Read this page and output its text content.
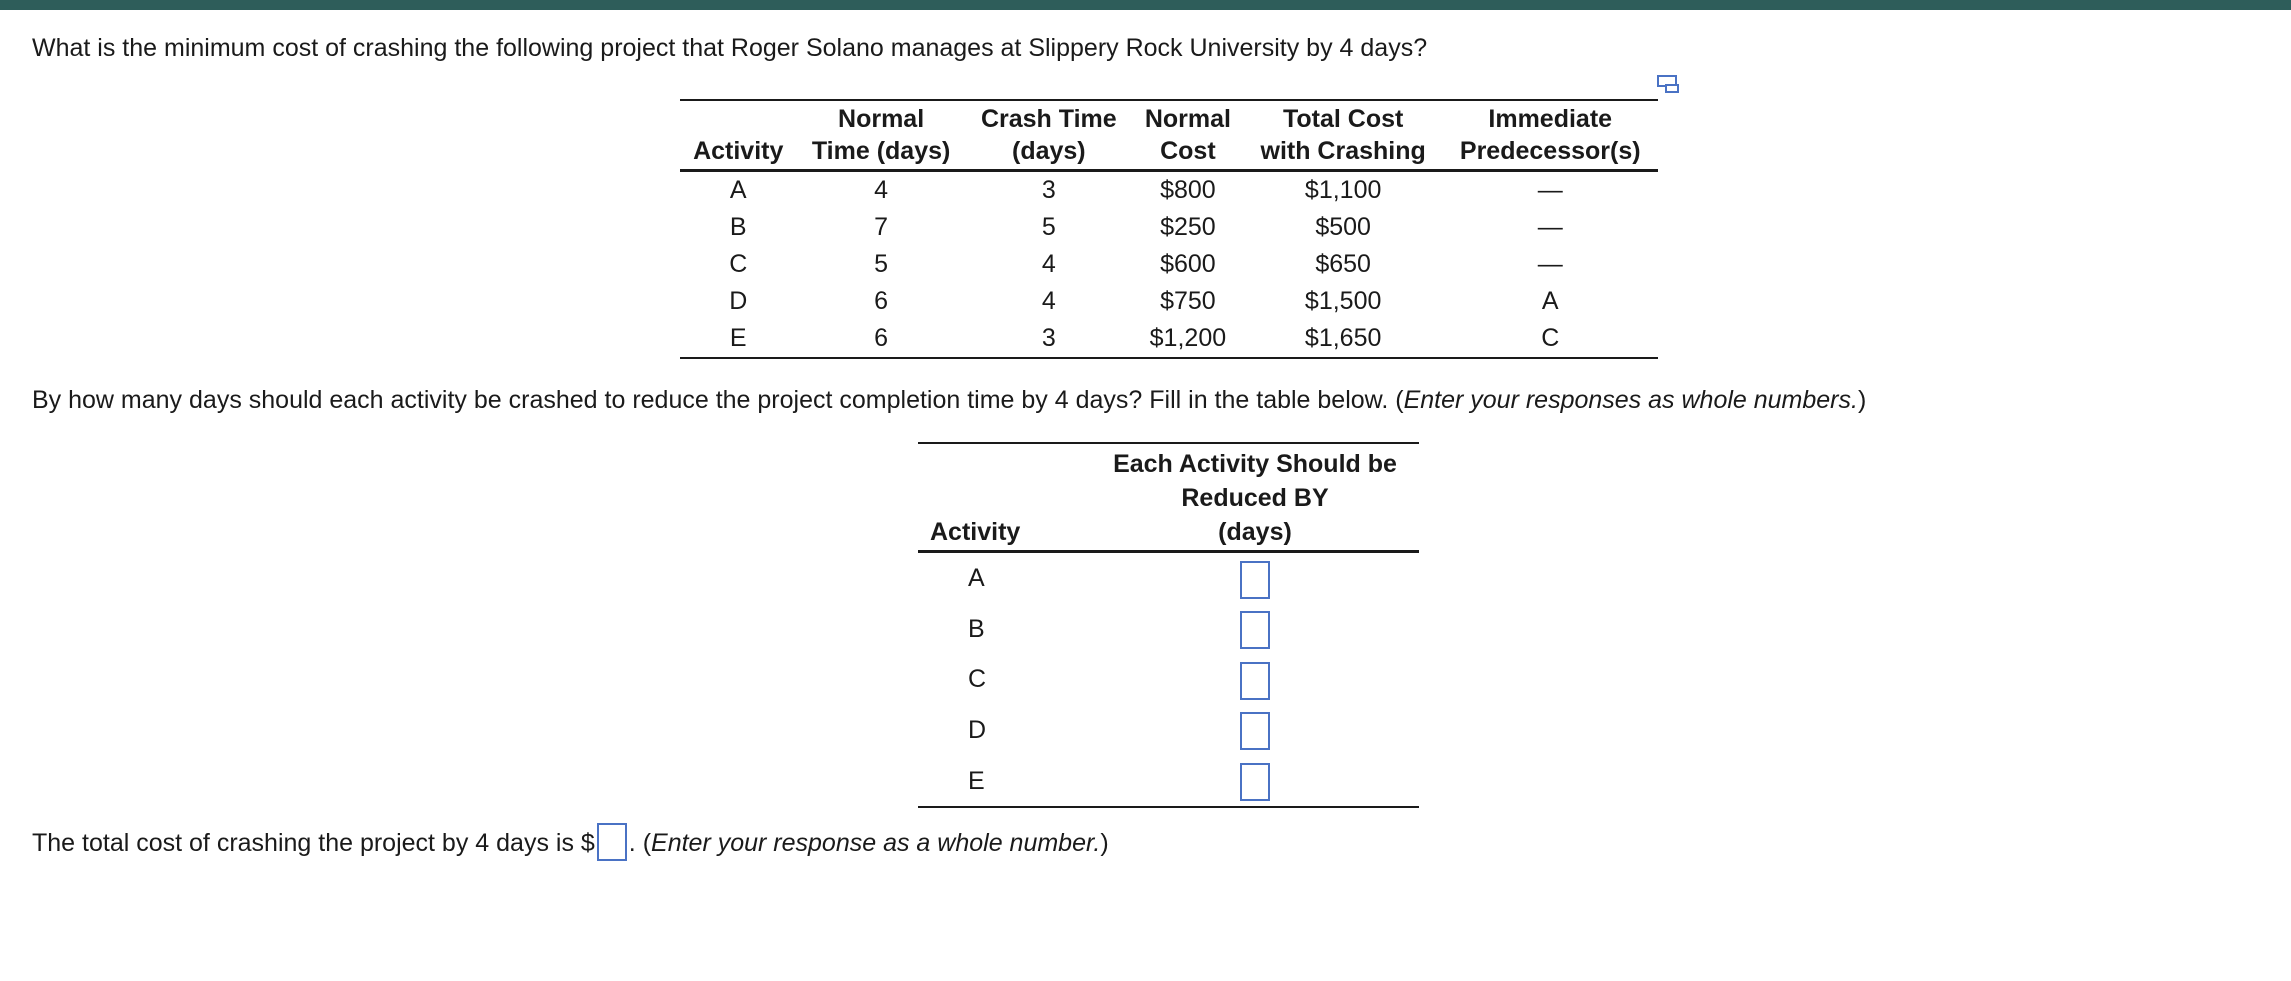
What is the minimum cost of crashing the following project that Roger Solano manages at Slippery Rock University by 4 days?
	Normal	Crash Time	Normal	Total Cost	Immediate
Activity	Time (days)	(days)	Cost	with Crashing	Predecessor(s)
A	4	3	$800	$1,100	—
B	7	5	$250	$500	—
C	5	4	$600	$650	—
D	6	4	$750	$1,500	A
E	6	3	$1,200	$1,650	C
By how many days should each activity be crashed to reduce the project completion time by 4 days? Fill in the table below. (Enter your responses as whole numbers.)
	Each Activity Should be
	Reduced BY
Activity	(days)
A	
B	
C	
D	
E	
The total cost of crashing the project by 4 days is $ . (Enter your response as a whole number.)
